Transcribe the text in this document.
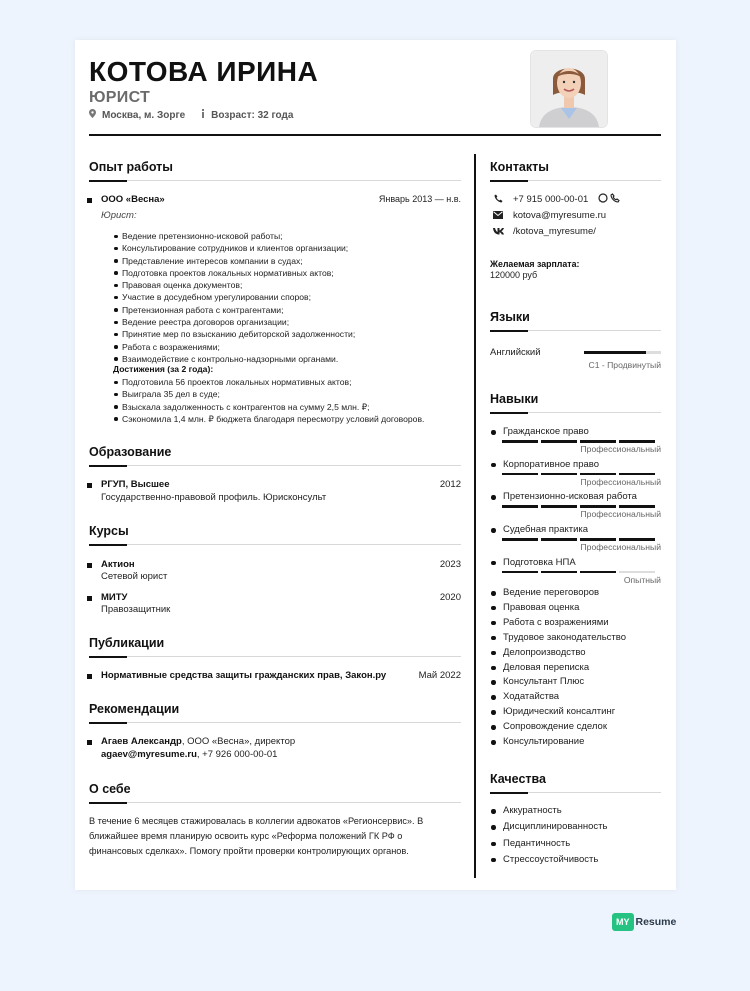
КОТОВА ИРИНА
ЮРИСТ
Москва, м. Зорге	Возраст: 32 года
Опыт работы
ООО «Весна»	Январь 2013 — н.в.
Юрист:
Ведение претензионно-исковой работы;
Консультирование сотрудников и клиентов организации;
Представление интересов компании в судах;
Подготовка проектов локальных нормативных актов;
Правовая оценка документов;
Участие в досудебном урегулировании споров;
Претензионная работа с контрагентами;
Ведение реестра договоров организации;
Принятие мер по взысканию дебиторской задолженности;
Работа с возражениями;
Взаимодействие с контрольно-надзорными органами.
Достижения (за 2 года):
Подготовила 56 проектов локальных нормативных актов;
Выиграла 35 дел в суде;
Взыскала задолженность с контрагентов на сумму 2,5 млн. ₽;
Сэкономила 1,4 млн. ₽ бюджета благодаря пересмотру условий договоров.
Образование
РГУП, Высшее	2012
Государственно-правовой профиль. Юрисконсульт
Курсы
Актион	2023
Сетевой юрист
МИТУ	2020
Правозащитник
Публикации
Нормативные средства защиты гражданских прав, Закон.ру	Май 2022
Рекомендации
Агаев Александр, ООО «Весна», директор
agaev@myresume.ru, +7 926 000-00-01
О себе
В течение 6 месяцев стажировалась в коллегии адвокатов «Регионсервис». В
ближайшее время планирую освоить курс «Реформа положений ГК РФ о
финансовых сделках». Помогу пройти проверки контролирующих органов.
Контакты
+7 915 000-00-01
kotova@myresume.ru
/kotova_myresume/
Желаемая зарплата:
120000 руб
Языки
Английский
C1 - Продвинутый
Навыки
Гражданское право
Профессиональный
Корпоративное право
Профессиональный
Претензионно-исковая работа
Профессиональный
Судебная практика
Профессиональный
Подготовка НПА
Опытный
Ведение переговоров
Правовая оценка
Работа с возражениями
Трудовое законодательство
Делопроизводство
Деловая переписка
Консультант Плюс
Ходатайства
Юридический консалтинг
Сопровождение сделок
Консультирование
Качества
Аккуратность
Дисциплинированность
Педантичность
Стрессоустойчивость
MY Resume
